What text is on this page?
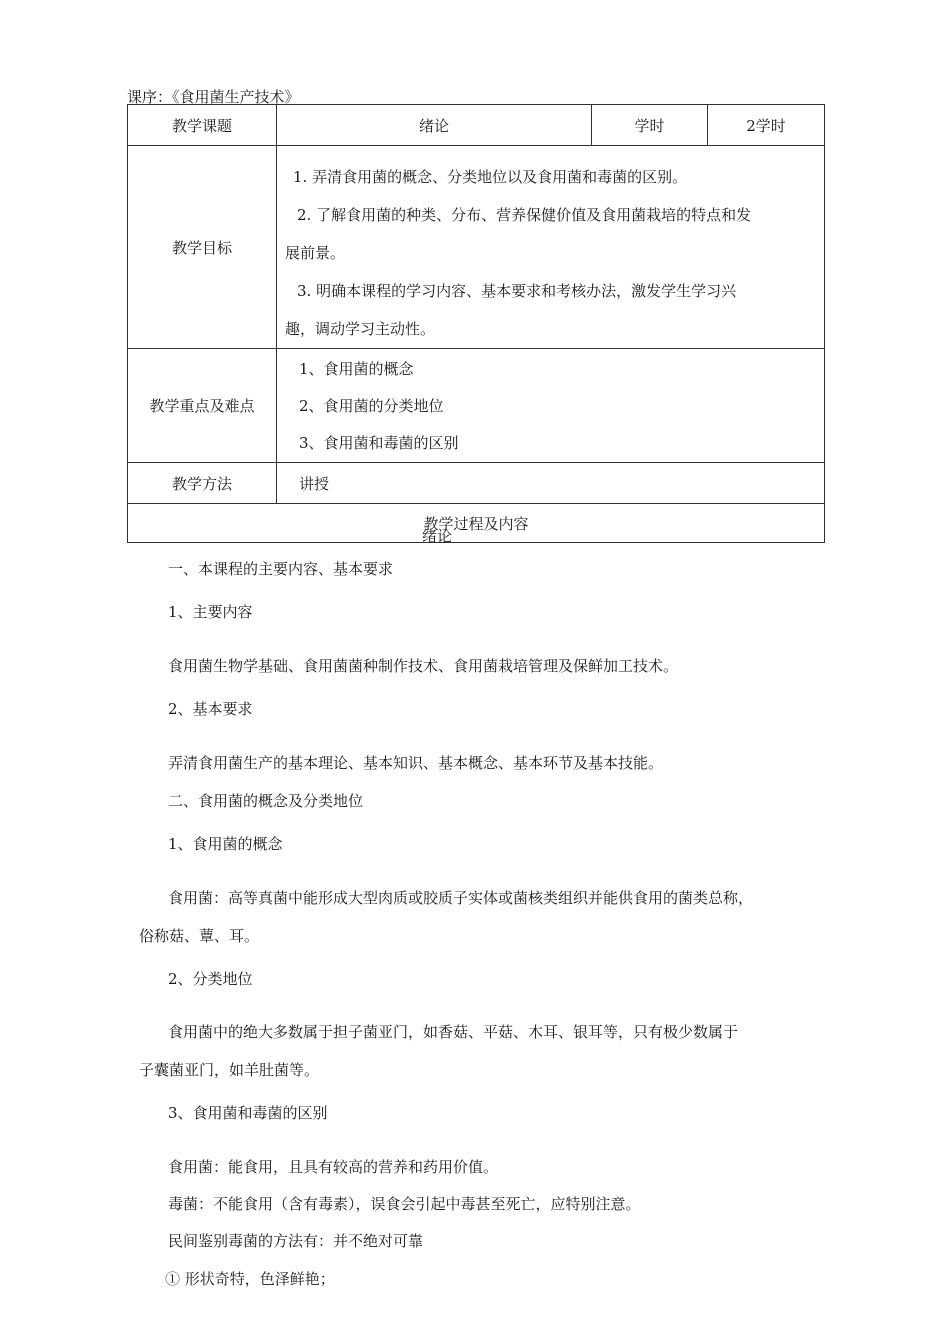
课序：《食用菌生产技术》
教学课题	绪论	学时	2学时
教学目标	1. 弄清食用菌的概念、分类地位以及食用菌和毒菌的区别。

2. 了解食用菌的种类、分布、营养保健价值及食用菌栽培的特点和发

展前景。

3. 明确本课程的学习内容、基本要求和考核办法，激发学生学习兴

趣，调动学习主动性。		

教学重点及难点	1、食用菌的概念

2、食用菌的分类地位

3、食用菌和毒菌的区别		

教学方法	讲授		
教学过程及内容			
绪论
一、本课程的主要内容、基本要求
1、主要内容
食用菌生物学基础、食用菌菌种制作技术、食用菌栽培管理及保鲜加工技术。
2、基本要求
弄清食用菌生产的基本理论、基本知识、基本概念、基本环节及基本技能。
二、食用菌的概念及分类地位
1、食用菌的概念
食用菌：高等真菌中能形成大型肉质或胶质子实体或菌核类组织并能供食用的菌类总称，
俗称菇、蕈、耳。
2、分类地位
食用菌中的绝大多数属于担子菌亚门，如香菇、平菇、木耳、银耳等，只有极少数属于
子囊菌亚门，如羊肚菌等。
3、食用菌和毒菌的区别
食用菌：能食用，且具有较高的营养和药用价值。
毒菌：不能食用（含有毒素），误食会引起中毒甚至死亡，应特别注意。
民间鉴别毒菌的方法有：并不绝对可靠
① 形状奇特，色泽鲜艳；
